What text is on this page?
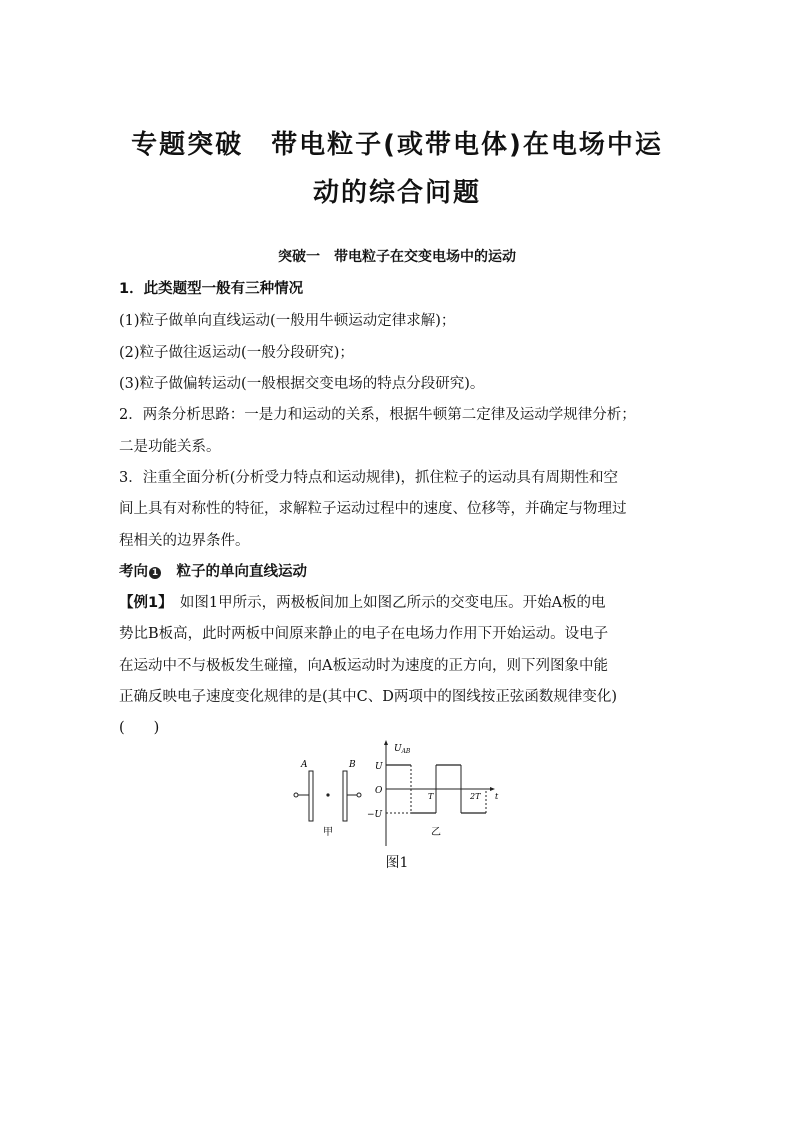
专题突破　带电粒子(或带电体)在电场中运
动的综合问题
突破一　带电粒子在交变电场中的运动
1．此类题型一般有三种情况
(1)粒子做单向直线运动(一般用牛顿运动定律求解)；
(2)粒子做往返运动(一般分段研究)；
(3)粒子做偏转运动(一般根据交变电场的特点分段研究)。
2．两条分析思路：一是力和运动的关系，根据牛顿第二定律及运动学规律分析；
二是功能关系。
3．注重全面分析(分析受力特点和运动规律)，抓住粒子的运动具有周期性和空
间上具有对称性的特征，求解粒子运动过程中的速度、位移等，并确定与物理过
程相关的边界条件。
考向 1　 粒子的单向直线运动
【例1】　 如图1甲所示，两极板间加上如图乙所示的交变电压。开始A板的电
势比B板高，此时两板中间原来静止的电子在电场力作用下开始运动。设电子
在运动中不与极板发生碰撞，向A板运动时为速度的正方向，则下列图象中能
正确反映电子速度变化规律的是(其中C、D两项中的图线按正弦函数规律变化)
(　　)
A	B
甲
$U_{AB}$
U
O
−U
T	2T t
乙
图1
